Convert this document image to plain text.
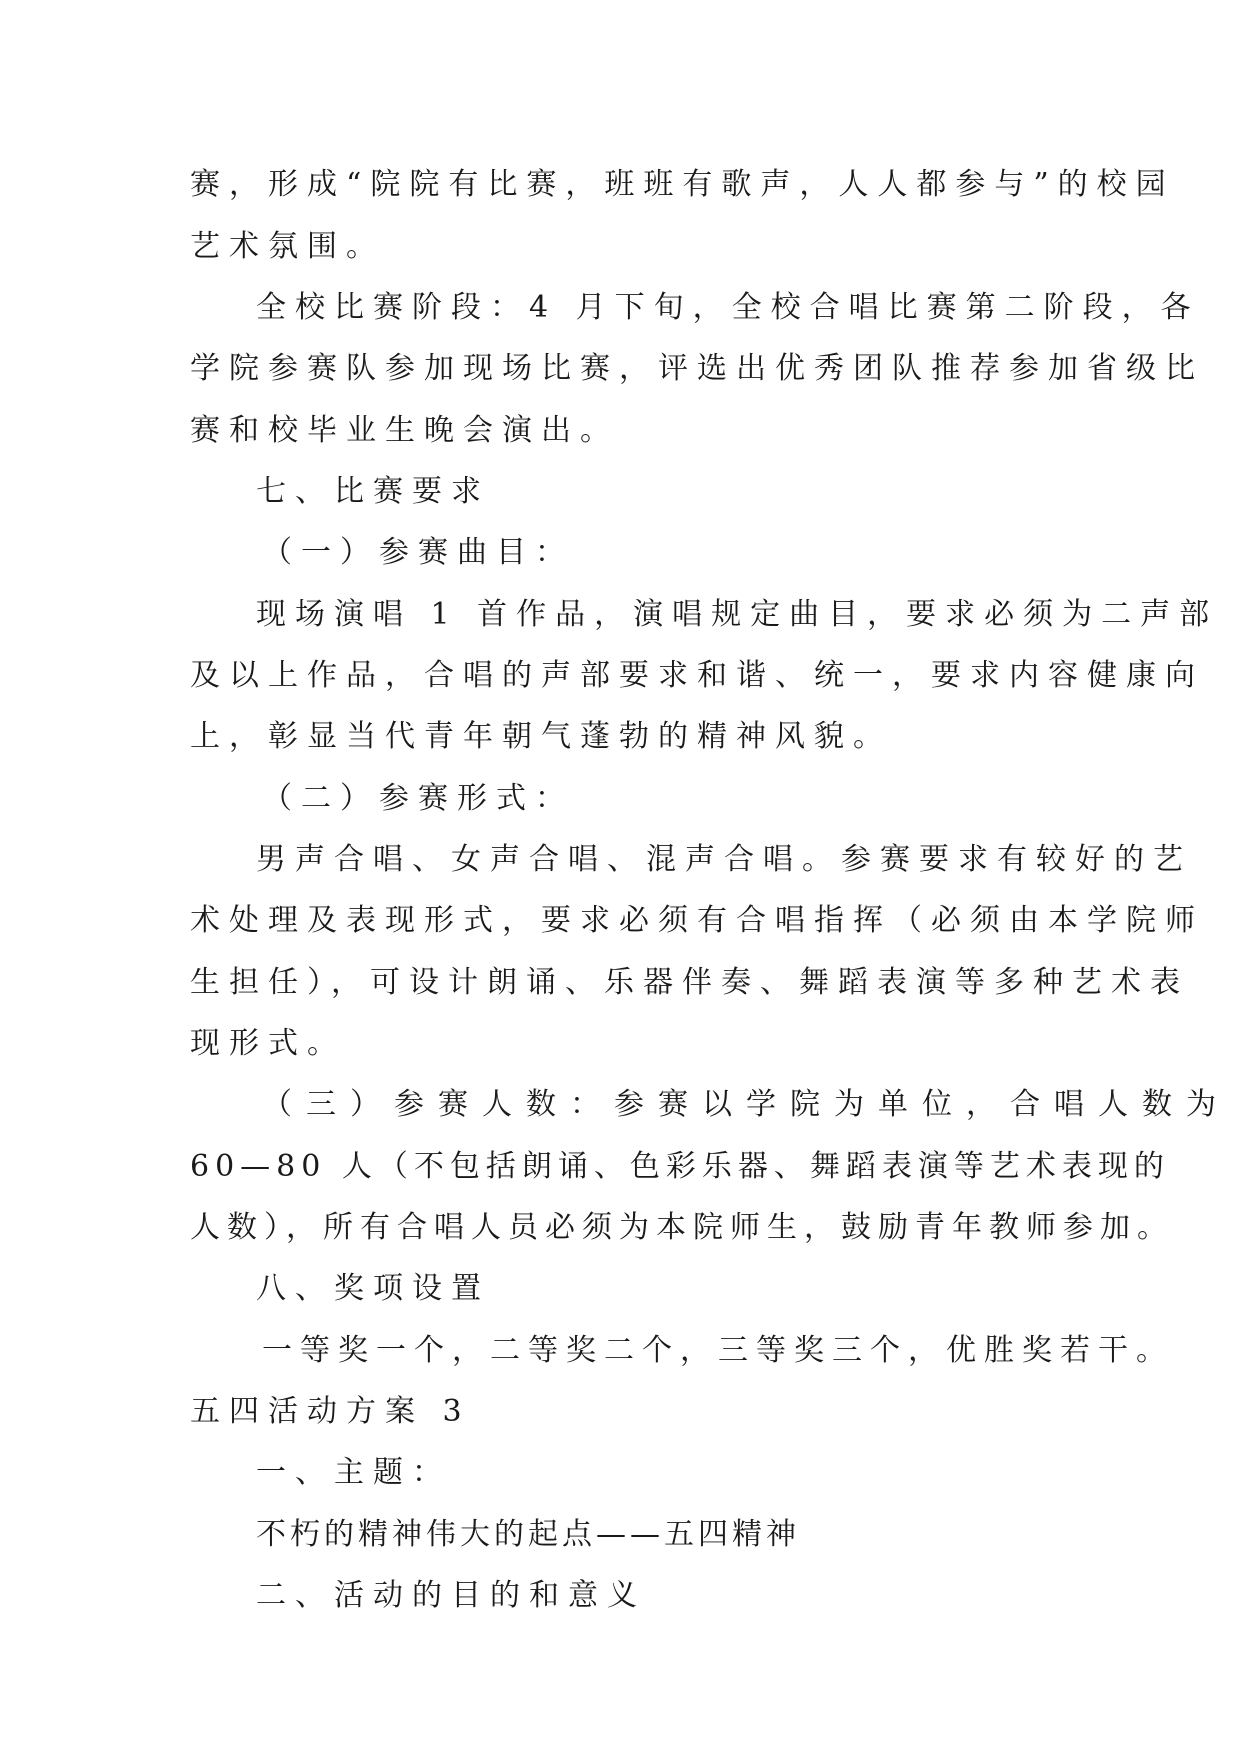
赛，形成“院院有比赛，班班有歌声，人人都参与”的校园
艺术氛围。
全校比赛阶段：4 月下旬，全校合唱比赛第二阶段，各
学院参赛队参加现场比赛，评选出优秀团队推荐参加省级比
赛和校毕业生晚会演出。
七、比赛要求
（一）参赛曲目：
现场演唱 1 首作品，演唱规定曲目，要求必须为二声部
及以上作品，合唱的声部要求和谐、统一，要求内容健康向
上，彰显当代青年朝气蓬勃的精神风貌。
（二）参赛形式：
男声合唱、女声合唱、混声合唱。参赛要求有较好的艺
术处理及表现形式，要求必须有合唱指挥（必须由本学院师
生担任），可设计朗诵、乐器伴奏、舞蹈表演等多种艺术表
现形式。
（三）参赛人数：参赛以学院为单位，合唱人数为
60—80 人（不包括朗诵、色彩乐器、舞蹈表演等艺术表现的
人数），所有合唱人员必须为本院师生，鼓励青年教师参加。
八、奖项设置
一等奖一个，二等奖二个，三等奖三个，优胜奖若干。
五四活动方案 3
一、主题：
不朽的精神伟大的起点——五四精神
二、活动的目的和意义
